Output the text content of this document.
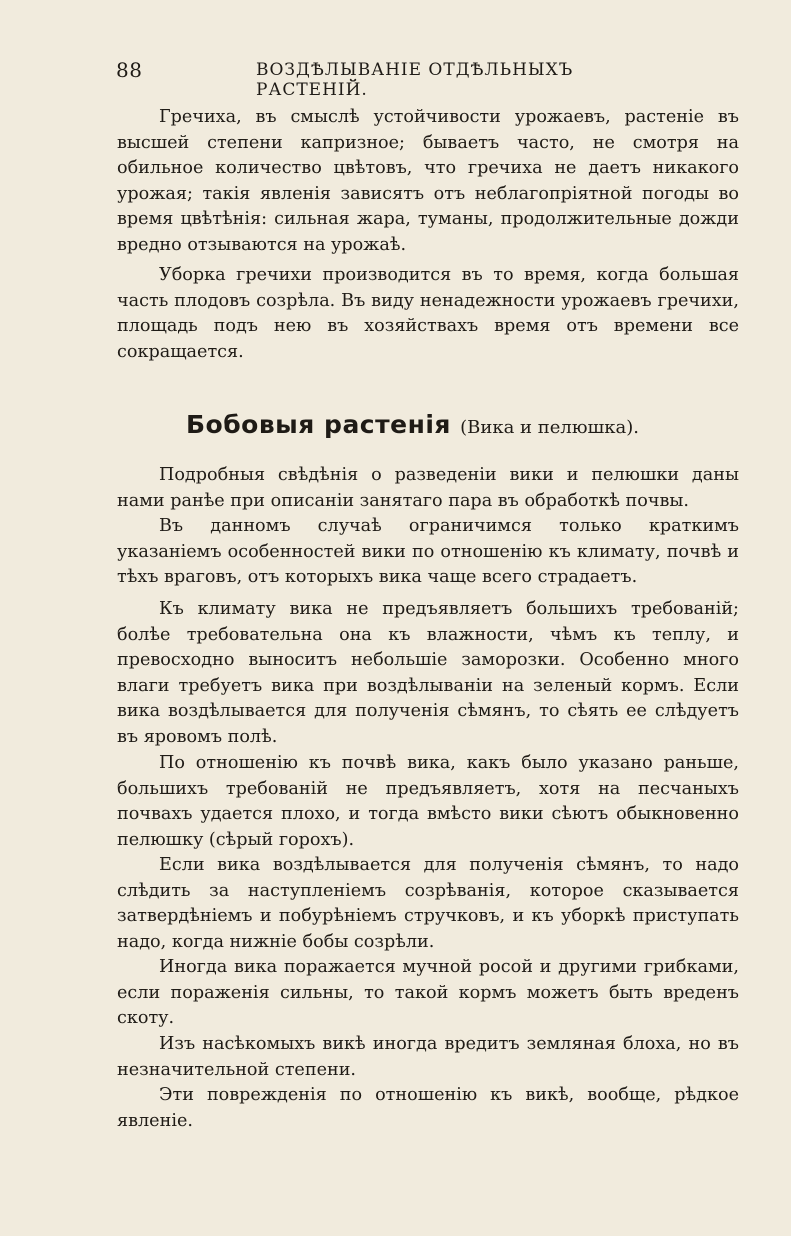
88	ВОЗДѢЛЫВАНІЕ ОТДѢЛЬНЫХЪ РАСТЕНІЙ.

Гречиха, въ смыслѣ устойчивости урожаевъ, растеніе въ высшей степени капризное; бываетъ часто, не смотря на обильное количество цвѣтовъ, что гречиха не даетъ никакого урожая; такія явленія зависятъ отъ неблагопріятной погоды во время цвѣтѣнія: сильная жара, туманы, продолжительные дожди вредно отзываются на урожаѣ.

Уборка гречихи производится въ то время, когда большая часть плодовъ созрѣла. Въ виду ненадежности урожаевъ гречихи, площадь подъ нею въ хозяйствахъ время отъ времени все сокращается.

Бобовыя растенія (Вика и пелюшка).

Подробныя свѣдѣнія о разведеніи вики и пелюшки даны нами ранѣе при описаніи занятаго пара въ обработкѣ почвы.

Въ данномъ случаѣ ограничимся только краткимъ указаніемъ особенностей вики по отношенію къ климату, почвѣ и тѣхъ враговъ, отъ которыхъ вика чаще всего страдаетъ.

Къ климату вика не предъявляетъ большихъ требованій; болѣе требовательна она къ влажности, чѣмъ къ теплу, и превосходно выноситъ небольшіе заморозки. Особенно много влаги требуетъ вика при воздѣлываніи на зеленый кормъ. Если вика воздѣлывается для полученія сѣмянъ, то сѣять ее слѣдуетъ въ яровомъ полѣ.

По отношенію къ почвѣ вика, какъ было указано раньше, большихъ требованій не предъявляетъ, хотя на песчаныхъ почвахъ удается плохо, и тогда вмѣсто вики сѣютъ обыкновенно пелюшку (сѣрый горохъ).

Если вика воздѣлывается для полученія сѣмянъ, то надо слѣдить за наступленіемъ созрѣванія, которое сказывается затвердѣніемъ и побурѣніемъ стручковъ, и къ уборкѣ приступать надо, когда нижніе бобы созрѣли.

Иногда вика поражается мучной росой и другими грибками, если пораженія сильны, то такой кормъ можетъ быть вреденъ скоту.

Изъ насѣкомыхъ викѣ иногда вредитъ земляная блоха, но въ незначительной степени.

Эти поврежденія по отношенію къ викѣ, вообще, рѣдкое явленіе.
